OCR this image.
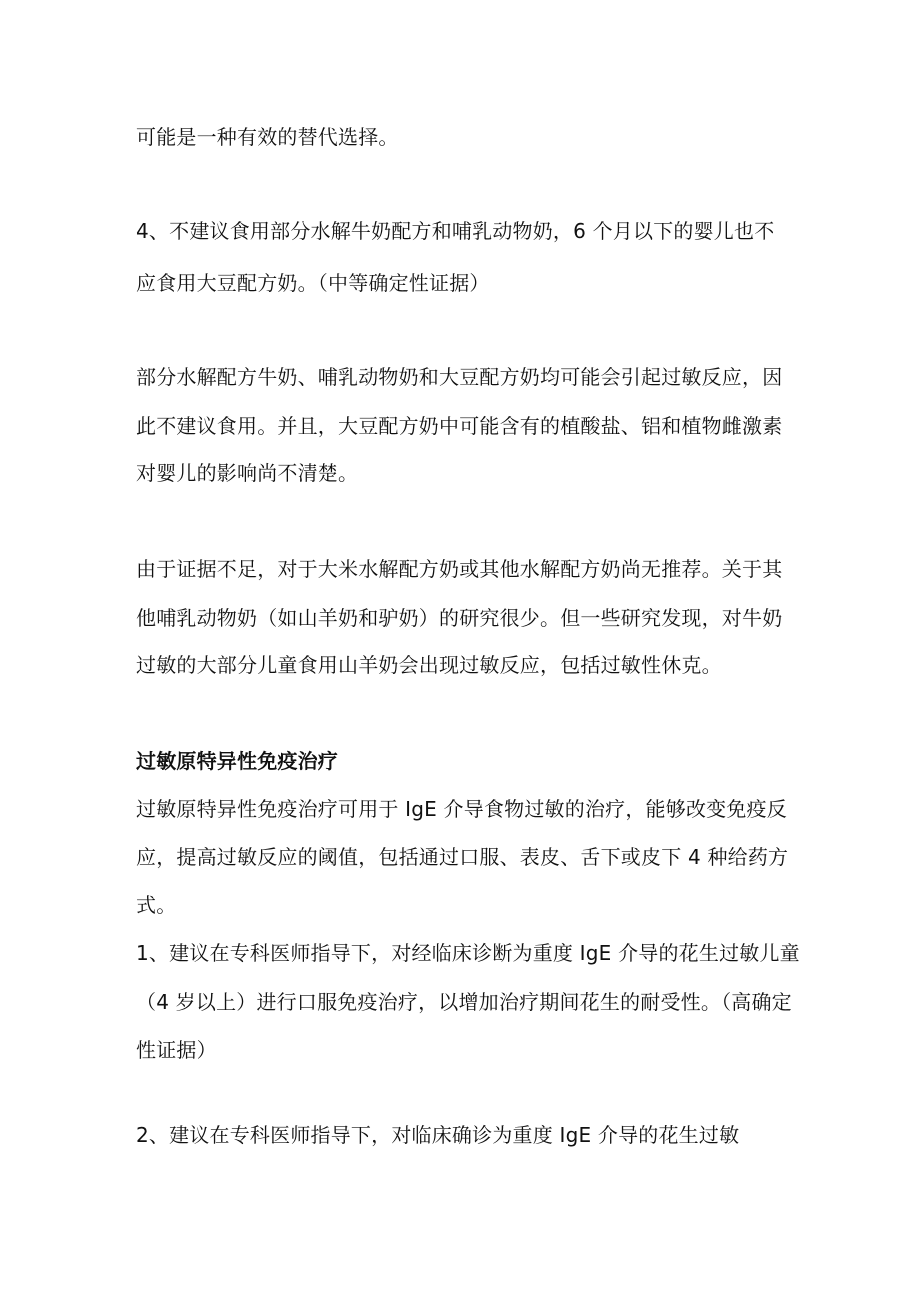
可能是一种有效的替代选择。
4、不建议食用部分水解牛奶配方和哺乳动物奶，6 个月以下的婴儿也不
应食用大豆配方奶。（中等确定性证据）
部分水解配方牛奶、哺乳动物奶和大豆配方奶均可能会引起过敏反应，因
此不建议食用。并且，大豆配方奶中可能含有的植酸盐、铝和植物雌激素
对婴儿的影响尚不清楚。
由于证据不足，对于大米水解配方奶或其他水解配方奶尚无推荐。关于其
他哺乳动物奶（如山羊奶和驴奶）的研究很少。但一些研究发现，对牛奶
过敏的大部分儿童食用山羊奶会出现过敏反应，包括过敏性休克。
过敏原特异性免疫治疗
过敏原特异性免疫治疗可用于 IgE 介导食物过敏的治疗，能够改变免疫反
应，提高过敏反应的阈值，包括通过口服、表皮、舌下或皮下 4 种给药方
式。
1、建议在专科医师指导下，对经临床诊断为重度 IgE 介导的花生过敏儿童
（4 岁以上）进行口服免疫治疗，以增加治疗期间花生的耐受性。（高确定
性证据）
2、建议在专科医师指导下，对临床确诊为重度 IgE 介导的花生过敏
